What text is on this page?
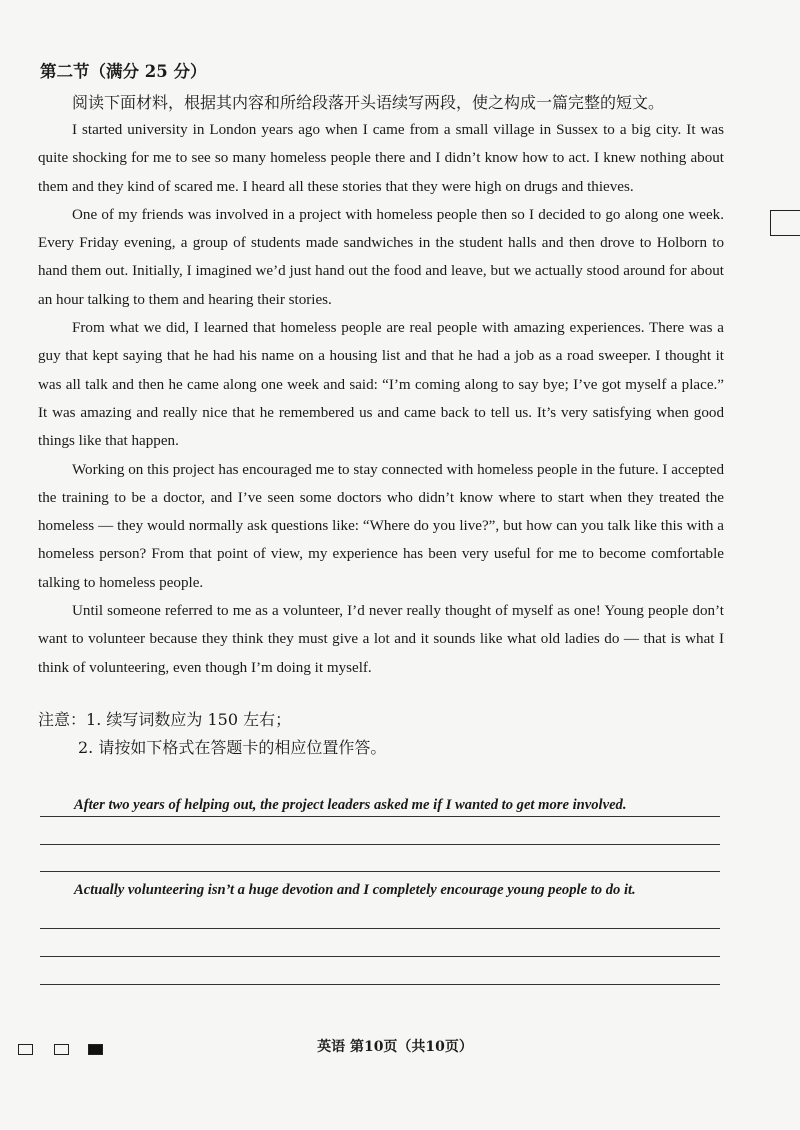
第二节（满分 25 分）
阅读下面材料，根据其内容和所给段落开头语续写两段，使之构成一篇完整的短文。

I started university in London years ago when I came from a small village in Sussex to a big city. It was quite shocking for me to see so many homeless people there and I didn’t know how to act. I knew nothing about them and they kind of scared me. I heard all these stories that they were high on drugs and thieves.

One of my friends was involved in a project with homeless people then so I decided to go along one week. Every Friday evening, a group of students made sandwiches in the student halls and then drove to Holborn to hand them out. Initially, I imagined we’d just hand out the food and leave, but we actually stood around for about an hour talking to them and hearing their stories.

From what we did, I learned that homeless people are real people with amazing experiences. There was a guy that kept saying that he had his name on a housing list and that he had a job as a road sweeper. I thought it was all talk and then he came along one week and said: “I’m coming along to say bye; I’ve got myself a place.” It was amazing and really nice that he remembered us and came back to tell us. It’s very satisfying when good things like that happen.

Working on this project has encouraged me to stay connected with homeless people in the future. I accepted the training to be a doctor, and I’ve seen some doctors who didn’t know where to start when they treated the homeless — they would normally ask questions like: “Where do you live?”, but how can you talk like this with a homeless person? From that point of view, my experience has been very useful for me to become comfortable talking to homeless people.

Until someone referred to me as a volunteer, I’d never really thought of myself as one! Young people don’t want to volunteer because they think they must give a lot and it sounds like what old ladies do — that is what I think of volunteering, even though I’m doing it myself.

注意：1. 续写词数应为 150 左右；
2. 请按如下格式在答题卡的相应位置作答。
After two years of helping out, the project leaders asked me if I wanted to get more involved.
Actually volunteering isn’t a huge devotion and I completely encourage young people to do it.
英语 第10页（共10页）
